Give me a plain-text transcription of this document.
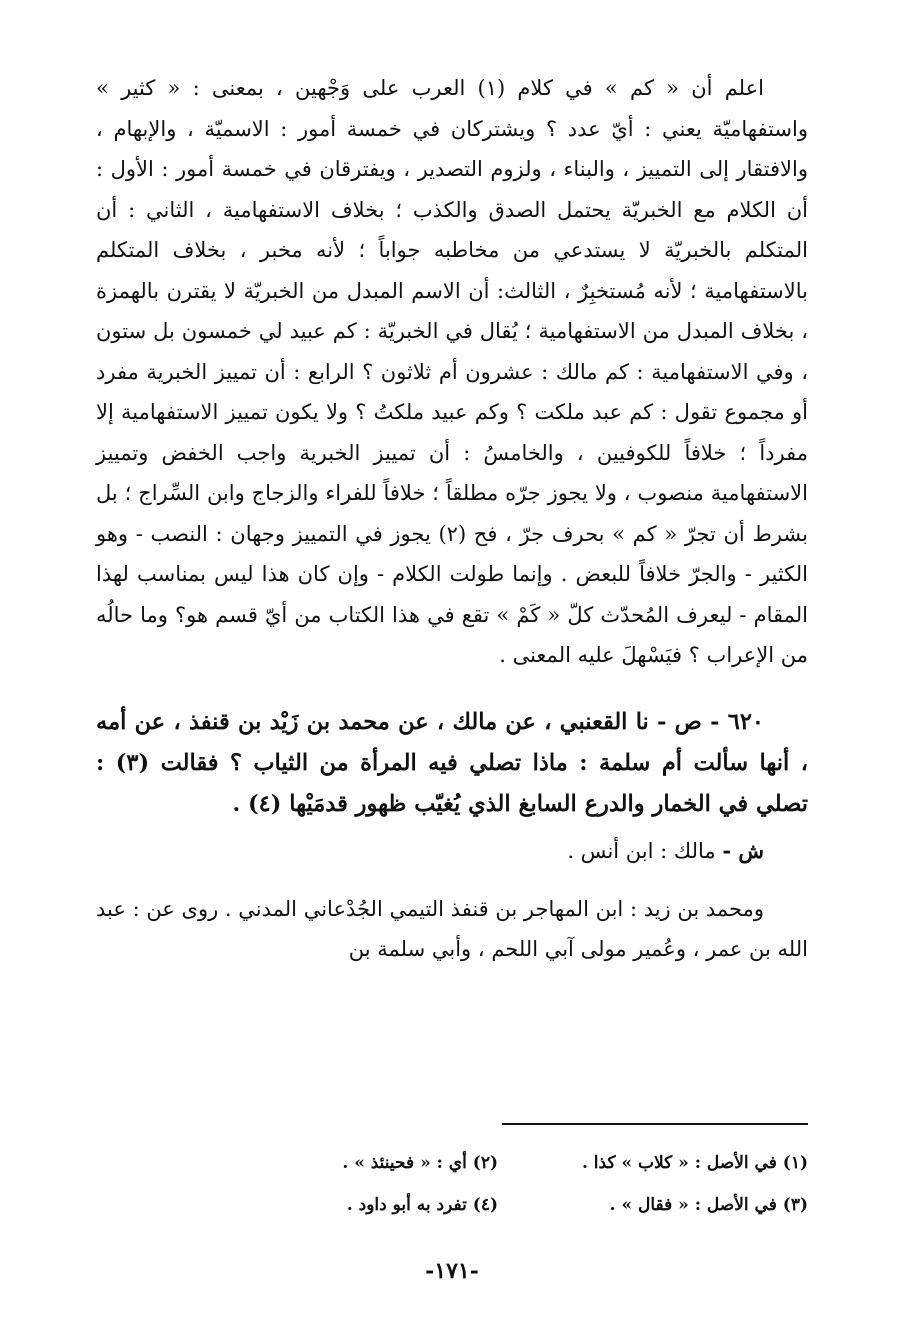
اعلم أن « كم » في كلام (١) العرب على وَجْهين ، بمعنى : « كثير » واستفهاميّة يعني : أيّ عدد ؟ ويشتركان في خمسة أمور : الاسميّة ، والإبهام ، والافتقار إلى التمييز ، والبناء ، ولزوم التصدير ، ويفترقان في خمسة أمور : الأول : أن الكلام مع الخبريّة يحتمل الصدق والكذب ؛ بخلاف الاستفهامية ، الثاني : أن المتكلم بالخبريّة لا يستدعي من مخاطبه جواباً ؛ لأنه مخبر ، بخلاف المتكلم بالاستفهامية ؛ لأنه مُستخبِرٌ ، الثالث: أن الاسم المبدل من الخبريّة لا يقترن بالهمزة ، بخلاف المبدل من الاستفهامية ؛ يُقال في الخبريّة : كم عبيد لي خمسون بل ستون ، وفي الاستفهامية : كم مالك : عشرون أم ثلاثون ؟ الرابع : أن تمييز الخبرية مفرد أو مجموع تقول : كم عبد ملكت ؟ وكم عبيد ملكتُ ؟ ولا يكون تمييز الاستفهامية إلا مفرداً ؛ خلافاً للكوفيين ، والخامسُ : أن تمييز الخبرية واجب الخفض وتمييز الاستفهامية منصوب ، ولا يجوز جرّه مطلقاً ؛ خلافاً للفراء والزجاج وابن السِّراج ؛ بل بشرط أن تجرّ « كم » بحرف جرّ ، فح (٢) يجوز في التمييز وجهان : النصب - وهو الكثير - والجرّ خلافاً للبعض . وإنما طولت الكلام - وإن كان هذا ليس بمناسب لهذا المقام - ليعرف المُحدّث كلّ « كَمْ » تقع في هذا الكتاب من أيّ قسم هو؟ وما حالُه من الإعراب ؟ فيَسْهلَ عليه المعنى .

٦٢٠ - ص - نا القعنبي ، عن مالك ، عن محمد بن زَيْد بن قنفذ ، عن أمه ، أنها سألت أم سلمة : ماذا تصلي فيه المرأة من الثياب ؟ فقالت (٣) : تصلي في الخمار والدرع السابغ الذي يُغيّب ظهور قدمَيْها (٤) .
ش - مالك : ابن أنس .

ومحمد بن زيد : ابن المهاجر بن قنفذ التيمي الجُدْعاني المدني . روى عن : عبد الله بن عمر ، وعُمير مولى آبي اللحم ، وأبي سلمة بن

(١) في الأصل : « كلاب » كذا .
(٢) أي : « فحينئذ » .
(٣) في الأصل : « فقال » .
(٤) تفرد به أبو داود .
-١٧١-
